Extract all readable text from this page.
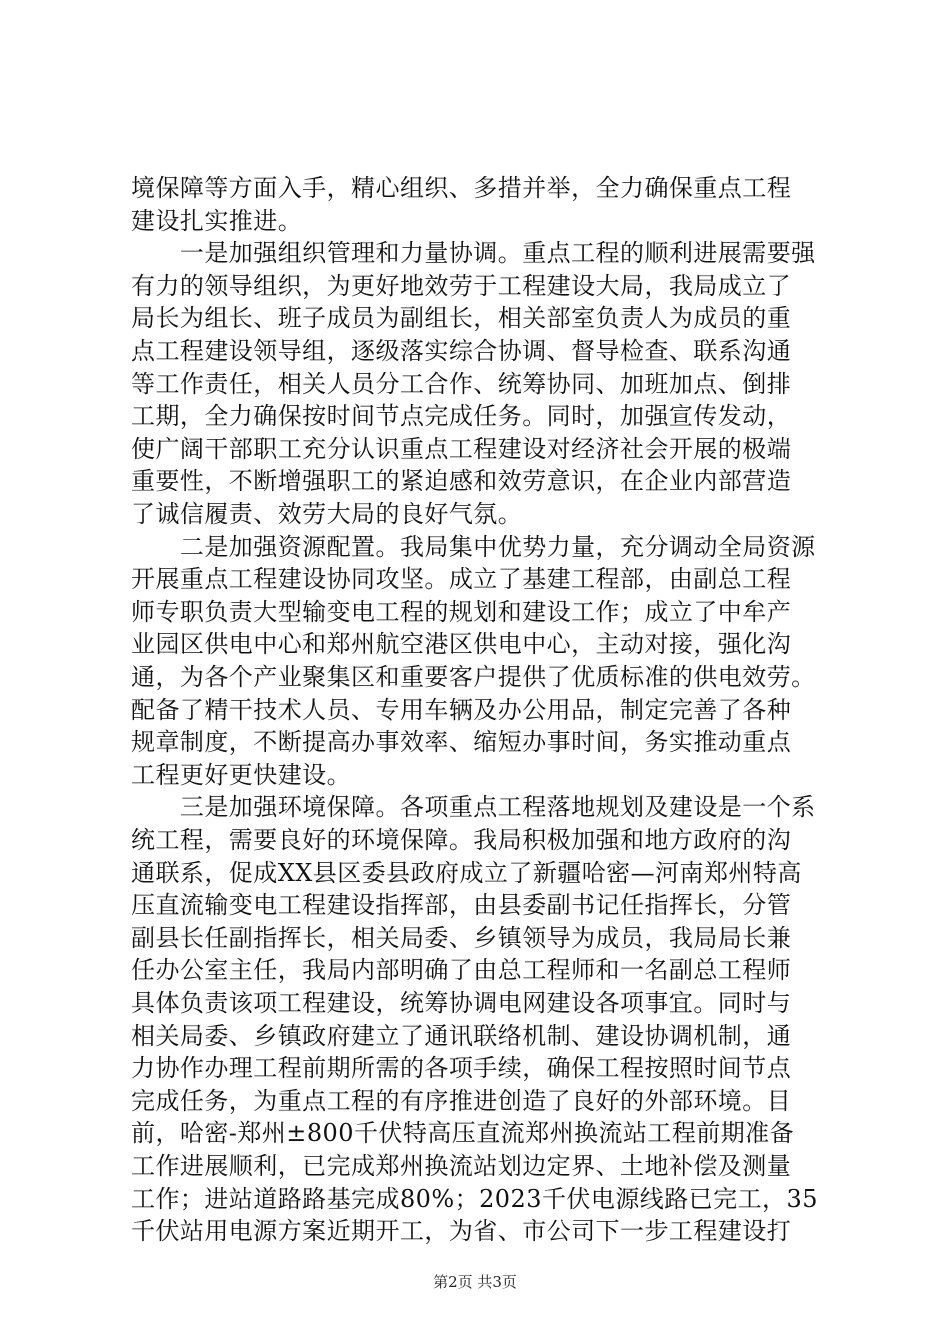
境保障等方面入手，精心组织、多措并举，全力确保重点工程
建设扎实推进。
　　一是加强组织管理和力量协调。重点工程的顺利进展需要强
有力的领导组织，为更好地效劳于工程建设大局，我局成立了
局长为组长、班子成员为副组长，相关部室负责人为成员的重
点工程建设领导组，逐级落实综合协调、督导检查、联系沟通
等工作责任，相关人员分工合作、统筹协同、加班加点、倒排
工期，全力确保按时间节点完成任务。同时，加强宣传发动，
使广阔干部职工充分认识重点工程建设对经济社会开展的极端
重要性，不断增强职工的紧迫感和效劳意识，在企业内部营造
了诚信履责、效劳大局的良好气氛。
　　二是加强资源配置。我局集中优势力量，充分调动全局资源
开展重点工程建设协同攻坚。成立了基建工程部，由副总工程
师专职负责大型输变电工程的规划和建设工作；成立了中牟产
业园区供电中心和郑州航空港区供电中心，主动对接，强化沟
通，为各个产业聚集区和重要客户提供了优质标准的供电效劳。
配备了精干技术人员、专用车辆及办公用品，制定完善了各种
规章制度，不断提高办事效率、缩短办事时间，务实推动重点
工程更好更快建设。
　　三是加强环境保障。各项重点工程落地规划及建设是一个系
统工程，需要良好的环境保障。我局积极加强和地方政府的沟
通联系，促成XX县区委县政府成立了新疆哈密—河南郑州特高
压直流输变电工程建设指挥部，由县委副书记任指挥长，分管
副县长任副指挥长，相关局委、乡镇领导为成员，我局局长兼
任办公室主任，我局内部明确了由总工程师和一名副总工程师
具体负责该项工程建设，统筹协调电网建设各项事宜。同时与
相关局委、乡镇政府建立了通讯联络机制、建设协调机制，通
力协作办理工程前期所需的各项手续，确保工程按照时间节点
完成任务，为重点工程的有序推进创造了良好的外部环境。目
前，哈密-郑州±800千伏特高压直流郑州换流站工程前期准备
工作进展顺利，已完成郑州换流站划边定界、土地补偿及测量
工作；进站道路路基完成80%；2023千伏电源线路已完工，35
第2页 共3页
千伏站用电源方案近期开工，为省、市公司下一步工程建设打
